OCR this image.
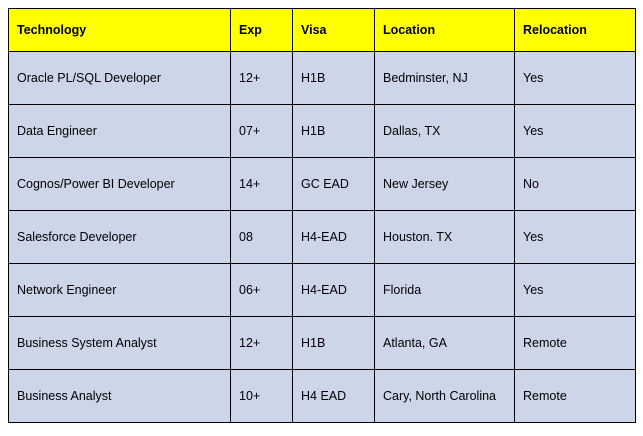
Technology	Exp	Visa	Location	Relocation
Oracle PL/SQL Developer	12+	H1B	Bedminster, NJ	Yes
Data Engineer	07+	H1B	Dallas, TX	Yes
Cognos/Power BI Developer	14+	GC EAD	New Jersey	No
Salesforce Developer	08	H4-EAD	Houston. TX	Yes
Network Engineer	06+	H4-EAD	Florida	Yes
Business System Analyst	12+	H1B	Atlanta, GA	Remote
Business Analyst	10+	H4 EAD	Cary, North Carolina	Remote
